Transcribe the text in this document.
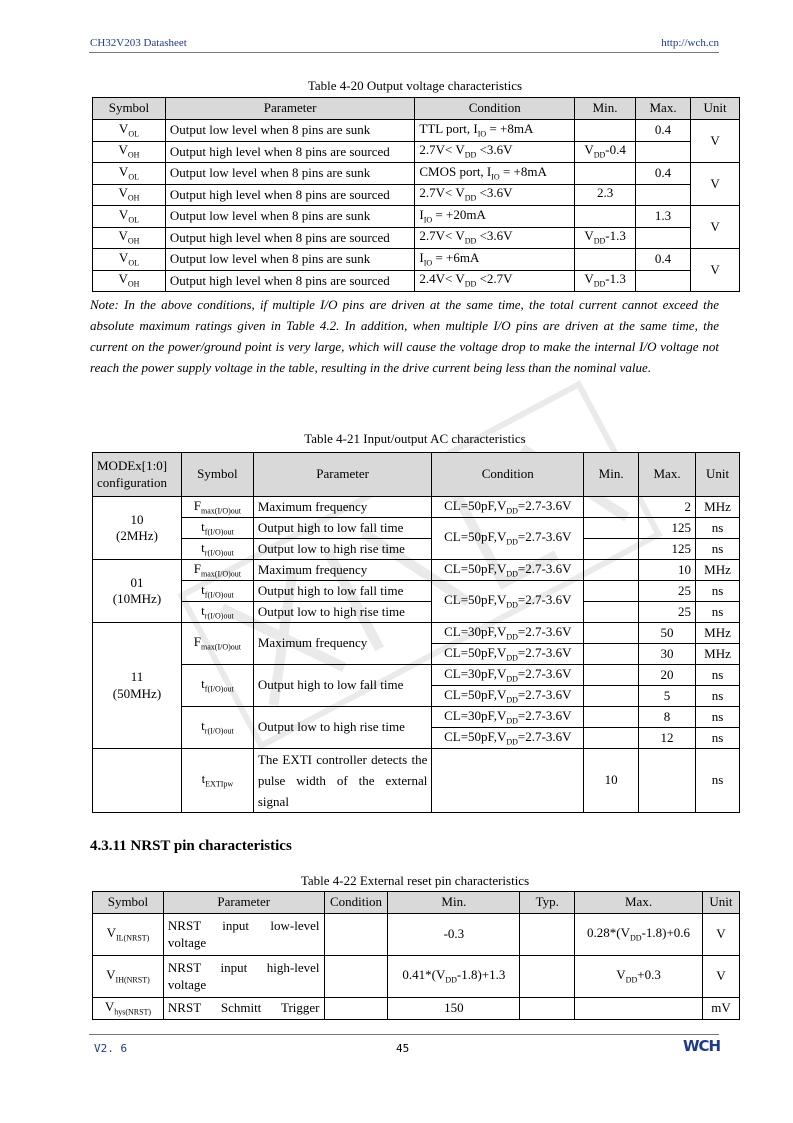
CH32V203 Datasheet	http://wch.cn
Table 4-20 Output voltage characteristics
Symbol	Parameter	Condition	Min.	Max.	Unit
$V_{OL}$	Output low level when 8 pins are sunk	TTL port, $I_{IO} = +8mA$		0.4	V
$V_{OH}$	Output high level when 8 pins are sourced	$2.7V< V_{DD} <3.6V$	$V_{DD}-0.4$		
$V_{OL}$	Output low level when 8 pins are sunk	CMOS port, $I_{IO} = +8mA$		0.4	V
$V_{OH}$	Output high level when 8 pins are sourced	$2.7V< V_{DD} <3.6V$	2.3		
$V_{OL}$	Output low level when 8 pins are sunk	$I_{IO} = +20mA$		1.3	V
$V_{OH}$	Output high level when 8 pins are sourced	$2.7V< V_{DD} <3.6V$	$V_{DD}-1.3$		
$V_{OL}$	Output low level when 8 pins are sunk	$I_{IO} = +6mA$		0.4	V
$V_{OH}$	Output high level when 8 pins are sourced	$2.4V< V_{DD} <2.7V$	$V_{DD}-1.3$		
Note: In the above conditions, if multiple I/O pins are driven at the same time, the total current cannot exceed the absolute maximum ratings given in Table 4.2. In addition, when multiple I/O pins are driven at the same time, the current on the power/ground point is very large, which will cause the voltage drop to make the internal I/O voltage not reach the power supply voltage in the table, resulting in the drive current being less than the nominal value.
Table 4-21 Input/output AC characteristics
MODEx[1:0] configuration	Symbol	Parameter	Condition	Min.	Max.	Unit
10
(2MHz)	$F_{max(I/O)out}$	Maximum frequency	$CL=50pF,V_{DD}=2.7-3.6V$		2	MHz
	$t_{f(I/O)out}$	Output high to low fall time	$CL=50pF,V_{DD}=2.7-3.6V$		125	ns
	$t_{r(I/O)out}$	Output low to high rise time			125	ns
01
(10MHz)	$F_{max(I/O)out}$	Maximum frequency	$CL=50pF,V_{DD}=2.7-3.6V$		10	MHz
	$t_{f(I/O)out}$	Output high to low fall time	$CL=50pF,V_{DD}=2.7-3.6V$		25	ns
	$t_{r(I/O)out}$	Output low to high rise time			25	ns
11
(50MHz)	$F_{max(I/O)out}$	Maximum frequency	$CL=30pF,V_{DD}=2.7-3.6V$		50	MHz
			$CL=50pF,V_{DD}=2.7-3.6V$		30	MHz
	$t_{f(I/O)out}$	Output high to low fall time	$CL=30pF,V_{DD}=2.7-3.6V$		20	ns
			$CL=50pF,V_{DD}=2.7-3.6V$		5	ns
	$t_{r(I/O)out}$	Output low to high rise time	$CL=30pF,V_{DD}=2.7-3.6V$		8	ns
			$CL=50pF,V_{DD}=2.7-3.6V$		12	ns
	$t_{EXTIpw}$	The EXTI controller detects the pulse width of the external signal		10		ns
4.3.11 NRST pin characteristics
Table 4-22 External reset pin characteristics
Symbol	Parameter	Condition	Min.	Typ.	Max.	Unit
$V_{IL(NRST)}$	NRST input low-level
voltage		-0.3		$0.28*(V_{DD}-1.8)+0.6$	V
$V_{IH(NRST)}$	NRST input high-level
voltage		$0.41*(V_{DD}-1.8)+1.3$		$V_{DD}+0.3$	V
$V_{hys(NRST)}$	NRST Schmitt Trigger		150			mV
V2. 6	45	WCH
